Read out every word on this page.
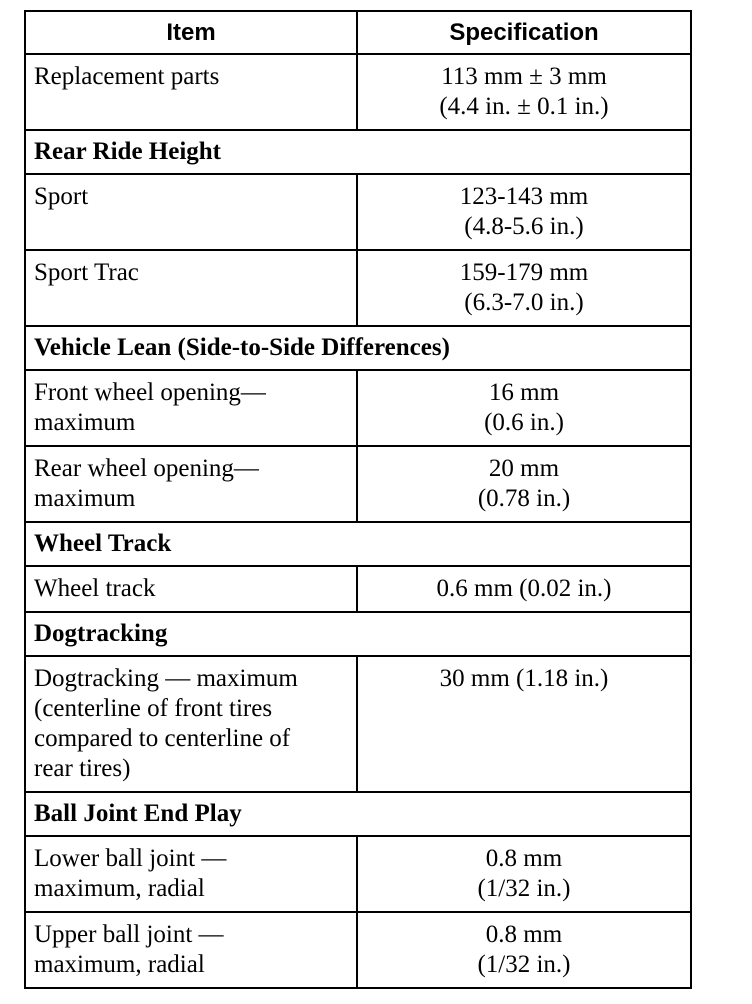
Item	Specification

Replacement parts	113 mm ± 3 mm
(4.4 in. ± 0.1 in.)

Rear Ride Height	

Sport	123-143 mm
(4.8-5.6 in.)

Sport Trac	159-179 mm
(6.3-7.0 in.)

Vehicle Lean (Side-to-Side Differences)	

Front wheel opening—
maximum	16 mm
(0.6 in.)

Rear wheel opening—
maximum	20 mm
(0.78 in.)

Wheel Track	

Wheel track	0.6 mm (0.02 in.)

Dogtracking	

Dogtracking — maximum
(centerline of front tires
compared to centerline of
rear tires)	30 mm (1.18 in.)

Ball Joint End Play	

Lower ball joint —
maximum, radial	0.8 mm
(1/32 in.)

Upper ball joint —
maximum, radial	0.8 mm
(1/32 in.)
